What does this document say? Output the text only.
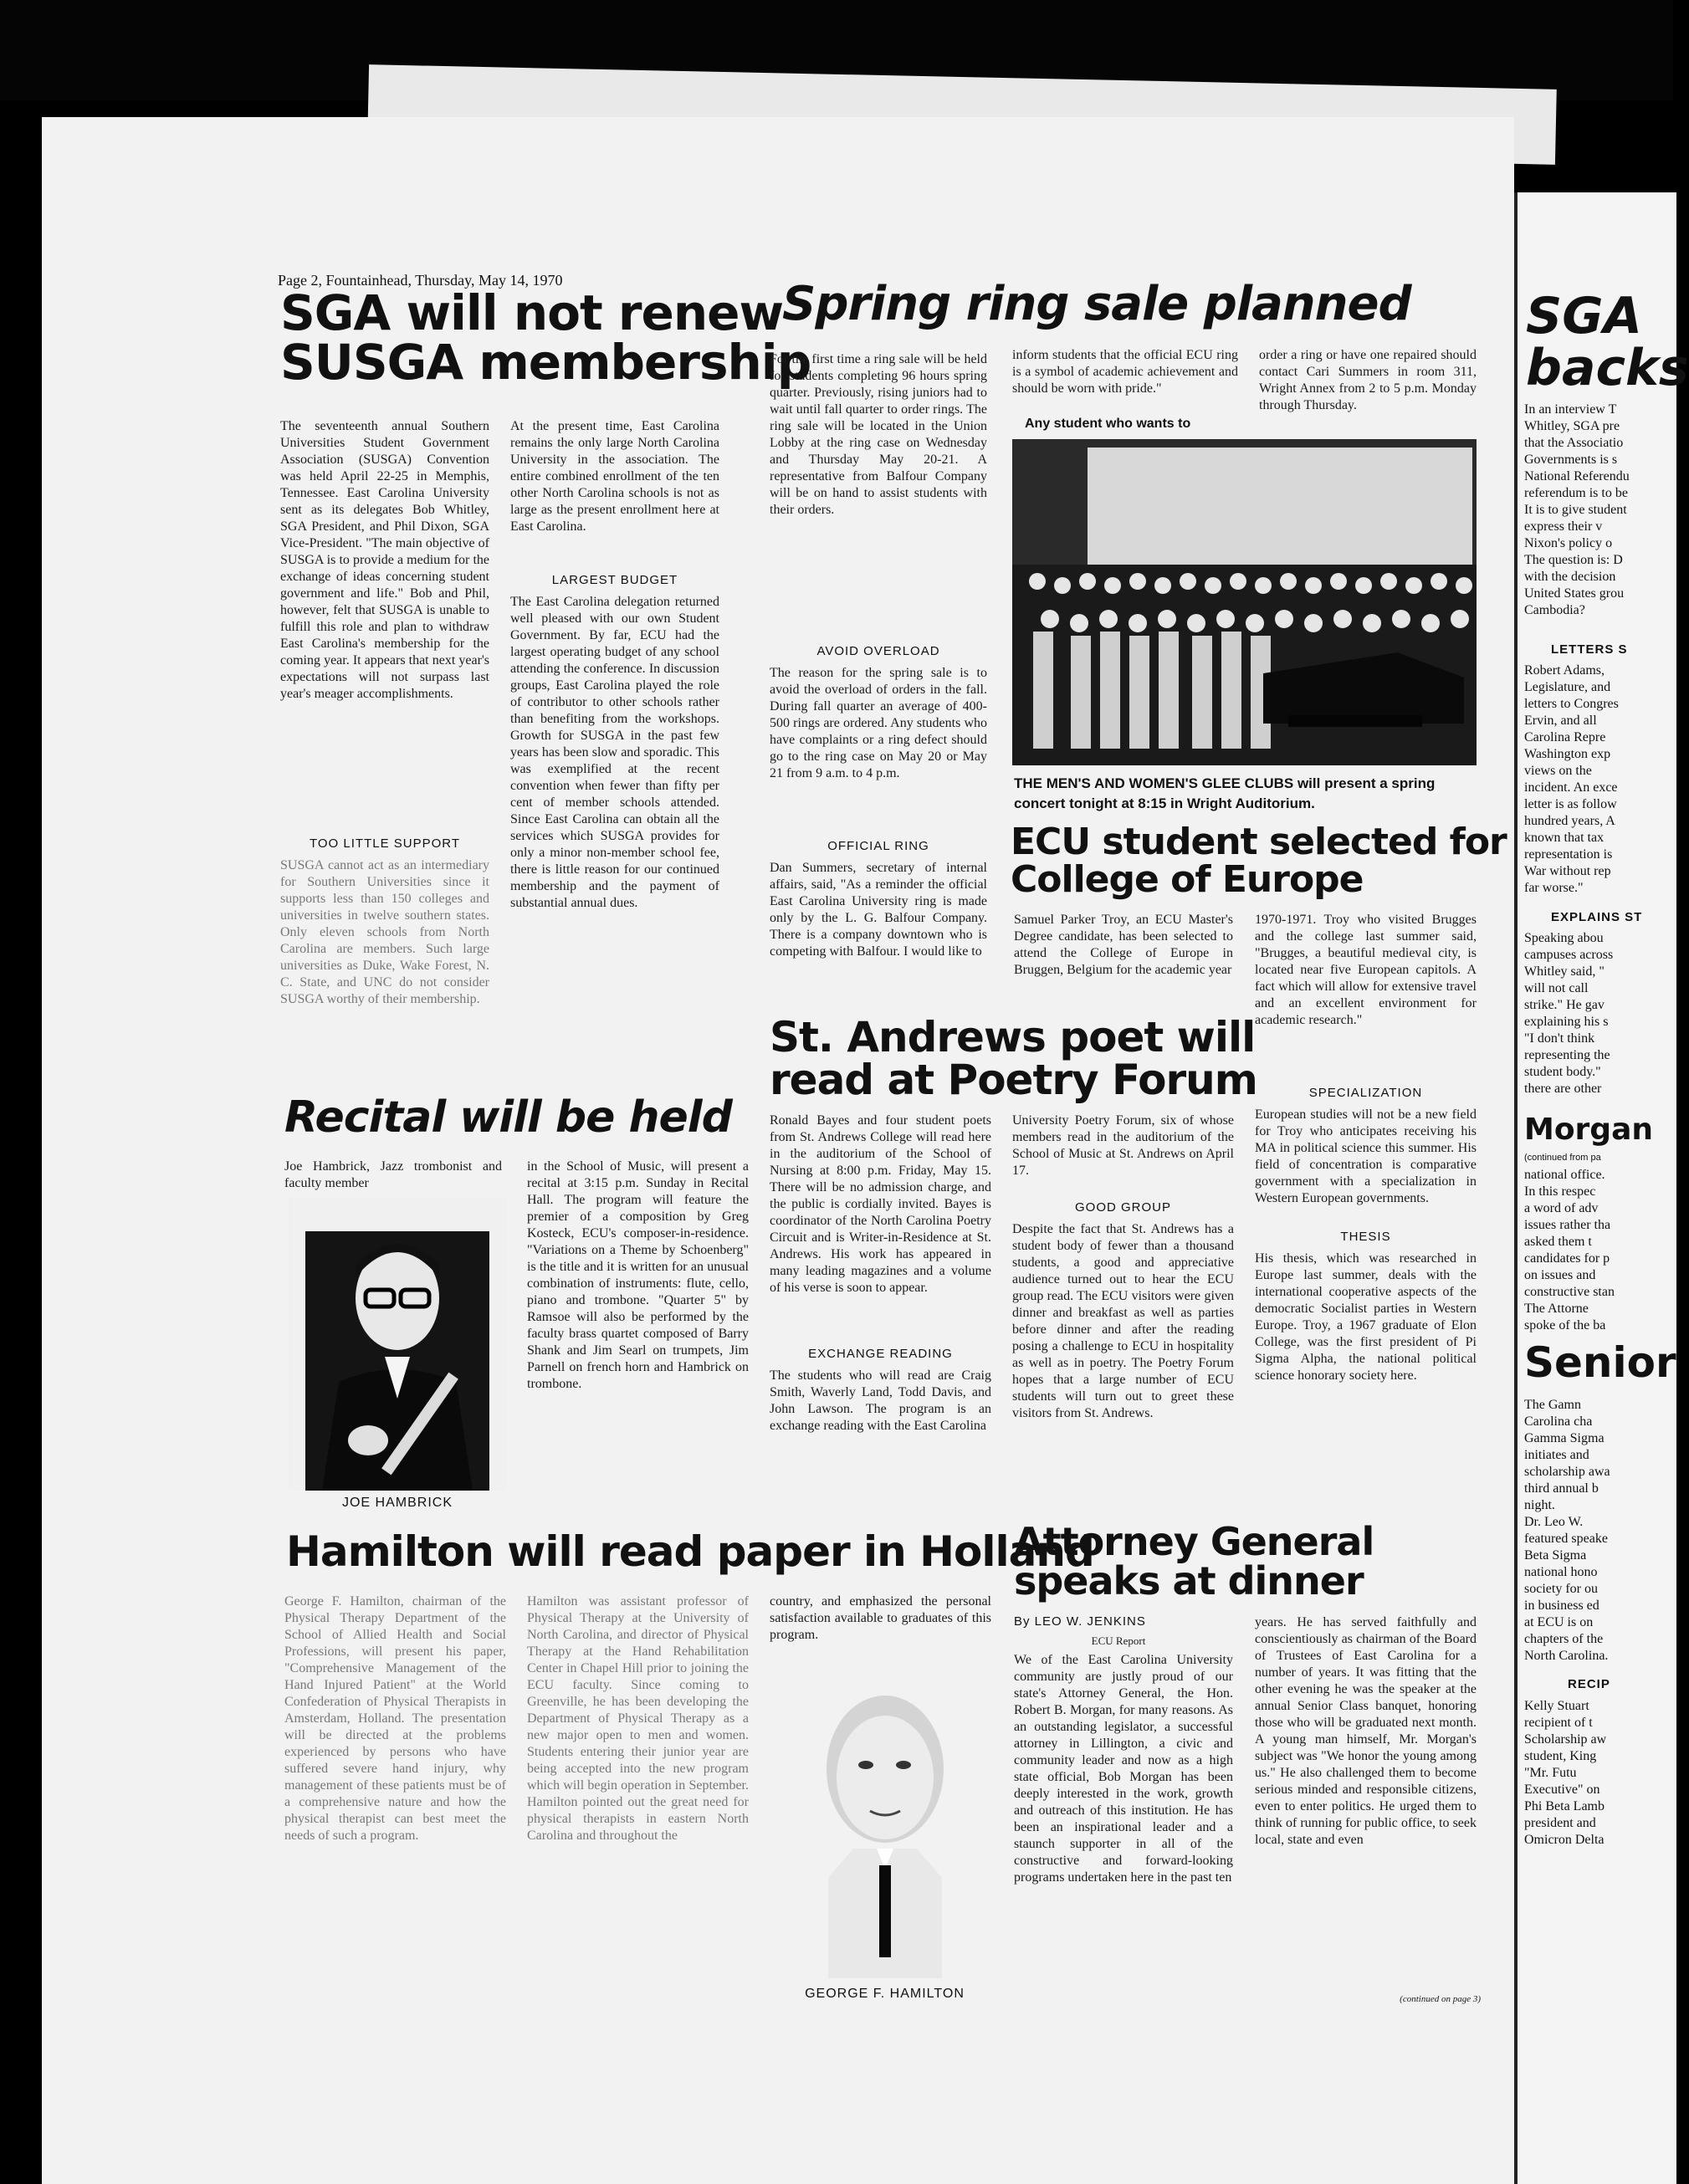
Page 2, Fountainhead, Thursday, May 14, 1970
SGA will not renew SUSGA membership
The seventeenth annual Southern Universities Student Government Association (SUSGA) Convention was held April 22-25 in Memphis, Tennessee. East Carolina University sent as its delegates Bob Whitley, SGA President, and Phil Dixon, SGA Vice-President. "The main objective of SUSGA is to provide a medium for the exchange of ideas concerning student government and life." Bob and Phil, however, felt that SUSGA is unable to fulfill this role and plan to withdraw East Carolina's membership for the coming year. It appears that next year's expectations will not surpass last year's meager accomplishments.
TOO LITTLE SUPPORT
SUSGA cannot act as an intermediary for Southern Universities since it supports less than 150 colleges and universities in twelve southern states. Only eleven schools from North Carolina are members. Such large universities as Duke, Wake Forest, N. C. State, and UNC do not consider SUSGA worthy of their membership.
At the present time, East Carolina remains the only large North Carolina University in the association. The entire combined enrollment of the ten other North Carolina schools is not as large as the present enrollment here at East Carolina.
LARGEST BUDGET
The East Carolina delegation returned well pleased with our own Student Government. By far, ECU had the largest operating budget of any school attending the conference. In discussion groups, East Carolina played the role of contributor to other schools rather than benefiting from the workshops. Growth for SUSGA in the past few years has been slow and sporadic. This was exemplified at the recent convention when fewer than fifty per cent of member schools attended. Since East Carolina can obtain all the services which SUSGA provides for only a minor non-member school fee, there is little reason for our continued membership and the payment of substantial annual dues.
Spring ring sale planned
For the first time a ring sale will be held for students completing 96 hours spring quarter. Previously, rising juniors had to wait until fall quarter to order rings. The ring sale will be located in the Union Lobby at the ring case on Wednesday and Thursday May 20-21. A representative from Balfour Company will be on hand to assist students with their orders.
AVOID OVERLOAD
The reason for the spring sale is to avoid the overload of orders in the fall. During fall quarter an average of 400-500 rings are ordered. Any students who have complaints or a ring defect should go to the ring case on May 20 or May 21 from 9 a.m. to 4 p.m.
OFFICIAL RING
Dan Summers, secretary of internal affairs, said, "As a reminder the official East Carolina University ring is made only by the L. G. Balfour Company. There is a company downtown who is competing with Balfour. I would like to
inform students that the official ECU ring is a symbol of academic achievement and should be worn with pride."
Any student who wants to
order a ring or have one repaired should contact Cari Summers in room 311, Wright Annex from 2 to 5 p.m. Monday through Thursday.
THE MEN'S AND WOMEN'S GLEE CLUBS will present a spring concert tonight at 8:15 in Wright Auditorium.
ECU student selected for College of Europe
Samuel Parker Troy, an ECU Master's Degree candidate, has been selected to attend the College of Europe in Bruggen, Belgium for the academic year
1970-1971. Troy who visited Brugges and the college last summer said, "Brugges, a beautiful medieval city, is located near five European capitols. A fact which will allow for extensive travel and an excellent environment for academic research."
SPECIALIZATION
European studies will not be a new field for Troy who anticipates receiving his MA in political science this summer. His field of concentration is comparative government with a specialization in Western European governments.
THESIS
His thesis, which was researched in Europe last summer, deals with the international cooperative aspects of the democratic Socialist parties in Western Europe. Troy, a 1967 graduate of Elon College, was the first president of Pi Sigma Alpha, the national political science honorary society here.
St. Andrews poet will read at Poetry Forum
Ronald Bayes and four student poets from St. Andrews College will read here in the auditorium of the School of Nursing at 8:00 p.m. Friday, May 15. There will be no admission charge, and the public is cordially invited. Bayes is coordinator of the North Carolina Poetry Circuit and is Writer-in-Residence at St. Andrews. His work has appeared in many leading magazines and a volume of his verse is soon to appear.
EXCHANGE READING
The students who will read are Craig Smith, Waverly Land, Todd Davis, and John Lawson. The program is an exchange reading with the East Carolina
University Poetry Forum, six of whose members read in the auditorium of the School of Music at St. Andrews on April 17.
GOOD GROUP
Despite the fact that St. Andrews has a student body of fewer than a thousand students, a good and appreciative audience turned out to hear the ECU group read. The ECU visitors were given dinner and breakfast as well as parties before dinner and after the reading posing a challenge to ECU in hospitality as well as in poetry. The Poetry Forum hopes that a large number of ECU students will turn out to greet these visitors from St. Andrews.
Recital will be held
Joe Hambrick, Jazz trombonist and faculty member
JOE HAMBRICK
in the School of Music, will present a recital at 3:15 p.m. Sunday in Recital Hall. The program will feature the premier of a composition by Greg Kosteck, ECU's composer-in-residence. "Variations on a Theme by Schoenberg" is the title and it is written for an unusual combination of instruments: flute, cello, piano and trombone. "Quarter 5" by Ramsoe will also be performed by the faculty brass quartet composed of Barry Shank and Jim Searl on trumpets, Jim Parnell on french horn and Hambrick on trombone.
Hamilton will read paper in Holland
George F. Hamilton, chairman of the Physical Therapy Department of the School of Allied Health and Social Professions, will present his paper, "Comprehensive Management of the Hand Injured Patient" at the World Confederation of Physical Therapists in Amsterdam, Holland. The presentation will be directed at the problems experienced by persons who have suffered severe hand injury, why management of these patients must be of a comprehensive nature and how the physical therapist can best meet the needs of such a program.
Hamilton was assistant professor of Physical Therapy at the University of North Carolina, and director of Physical Therapy at the Hand Rehabilitation Center in Chapel Hill prior to joining the ECU faculty. Since coming to Greenville, he has been developing the Department of Physical Therapy as a new major open to men and women. Students entering their junior year are being accepted into the new program which will begin operation in September. Hamilton pointed out the great need for physical therapists in eastern North Carolina and throughout the
country, and emphasized the personal satisfaction available to graduates of this program.
GEORGE F. HAMILTON
Attorney General speaks at dinner
By LEO W. JENKINS
ECU Report
We of the East Carolina University community are justly proud of our state's Attorney General, the Hon. Robert B. Morgan, for many reasons. As an outstanding legislator, a successful attorney in Lillington, a civic and community leader and now as a high state official, Bob Morgan has been deeply interested in the work, growth and outreach of this institution. He has been an inspirational leader and a staunch supporter in all of the constructive and forward-looking programs undertaken here in the past ten
years. He has served faithfully and conscientiously as chairman of the Board of Trustees of East Carolina for a number of years. It was fitting that the other evening he was the speaker at the annual Senior Class banquet, honoring those who will be graduated next month. A young man himself, Mr. Morgan's subject was "We honor the young among us." He also challenged them to become serious minded and responsible citizens, even to enter politics. He urged them to think of running for public office, to seek local, state and even
(continued on page 3)
SGA
backs
In an interview T
Whitley, SGA pre
that the Associatio
Governments is s
National Referendu
referendum is to be
It is to give student
express their v
Nixon's policy o
The question is: D
with the decision
United States grou
Cambodia?
LETTERS S
Robert Adams,
Legislature, and
letters to Congres
Ervin, and all
Carolina Repre
Washington exp
views on the
incident. An exce
letter is as follow
hundred years, A
known that tax
representation is
War without rep
far worse."
EXPLAINS ST
Speaking abou
campuses across
Whitley said, "
will not call
strike." He gav
explaining his s
"I don't think
representing the
student body."
there are other
Morgan
(continued from pa
national office.
In this respec
a word of adv
issues rather tha
asked them t
candidates for p
on issues and
constructive stan
The Attorne
spoke of the ba
Senior
The Gamn
Carolina cha
Gamma Sigma
initiates and
scholarship awa
third annual b
night.
Dr. Leo W.
featured speake
Beta Sigma
national hono
society for ou
in business ed
at ECU is on
chapters of the
North Carolina.
RECIP
Kelly Stuart
recipient of t
Scholarship aw
student, King
"Mr. Futu
Executive" on
Phi Beta Lamb
president and
Omicron Delta
